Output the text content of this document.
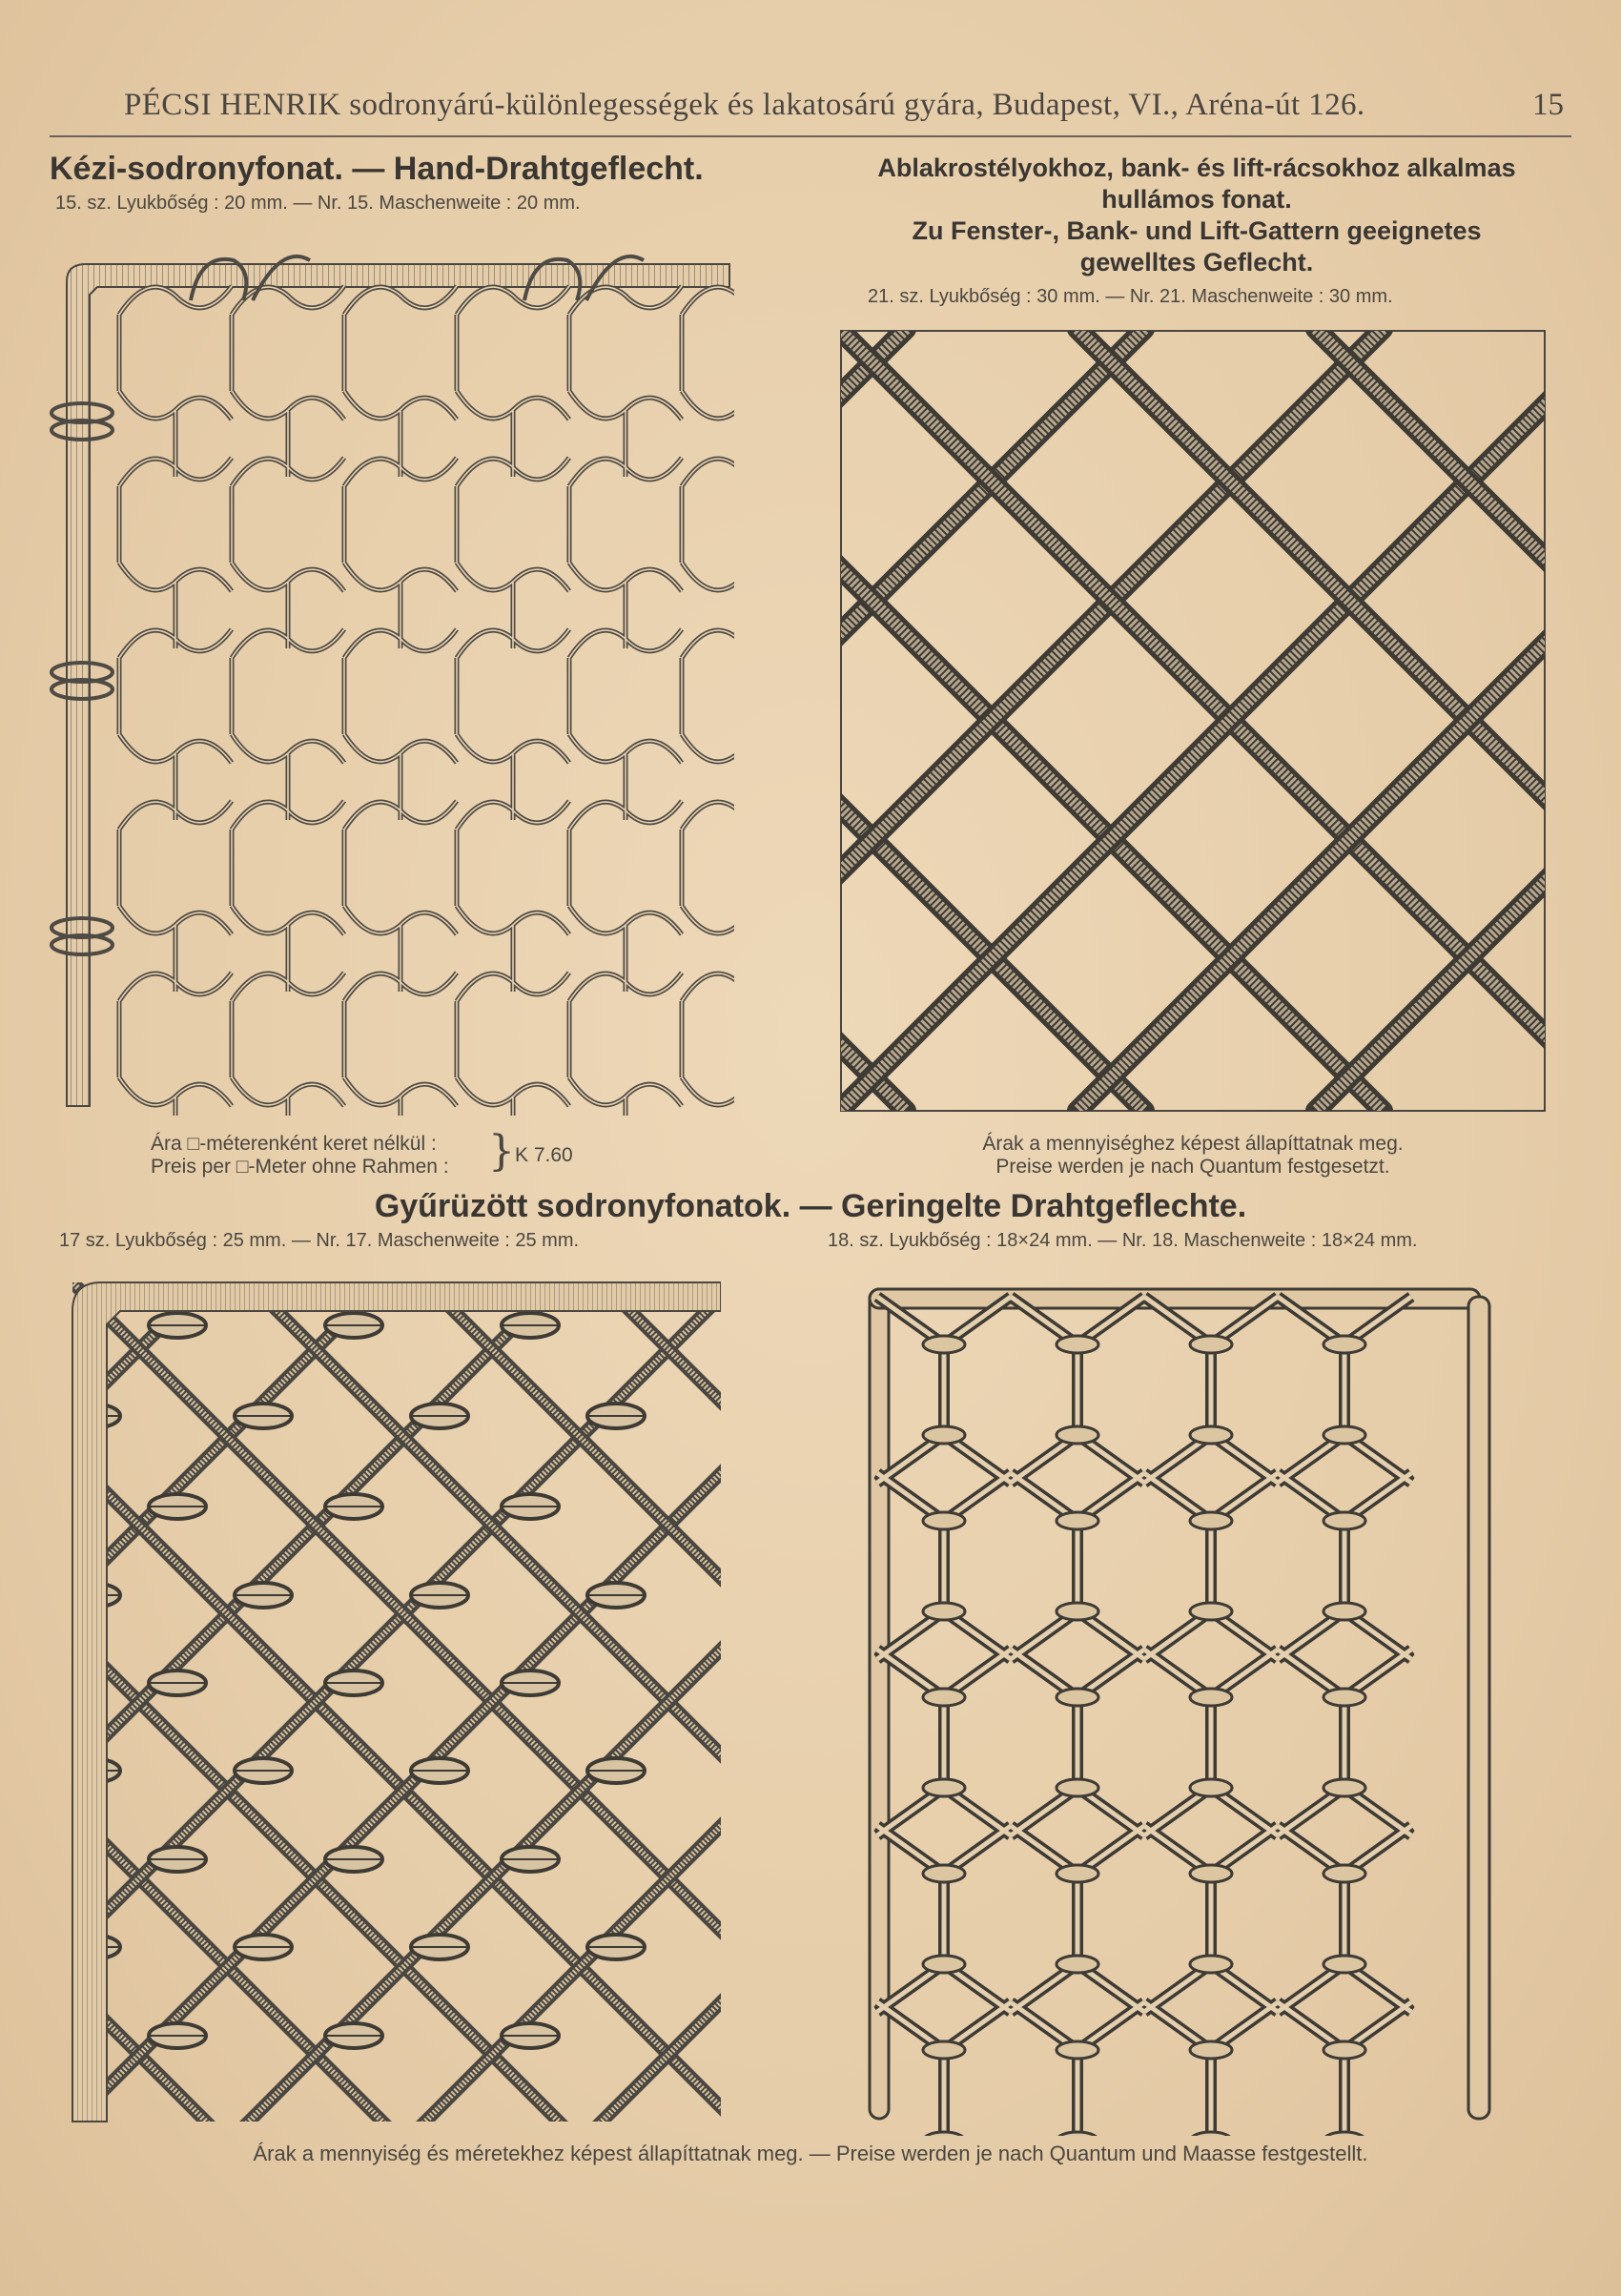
PÉCSI HENRIK sodronyárú-különlegességek és lakatosárú gyára, Budapest, VI., Aréna-út 126.	15
Kézi-sodronyfonat. — Hand-Drahtgeflecht.
15. sz. Lyukbőség : 20 mm. — Nr. 15. Maschenweite : 20 mm.
Ablakrostélyokhoz, bank- és lift-rácsokhoz alkalmas
hullámos fonat.
Zu Fenster-, Bank- und Lift-Gattern geeignetes
gewelltes Geflecht.
21. sz. Lyukbőség : 30 mm. — Nr. 21. Maschenweite : 30 mm.
Ára □-méterenként keret nélkül :
Preis per □-Meter ohne Rahmen : } K 7.60
Árak a mennyiséghez képest állapíttatnak meg.
Preise werden je nach Quantum festgesetzt.
Gyűrüzött sodronyfonatok. — Geringelte Drahtgeflechte.
17 sz. Lyukbőség : 25 mm. — Nr. 17. Maschenweite : 25 mm.	18. sz. Lyukbőség : 18×24 mm. — Nr. 18. Maschenweite : 18×24 mm.
Árak a mennyiség és méretekhez képest állapíttatnak meg. — Preise werden je nach Quantum und Maasse festgestellt.
